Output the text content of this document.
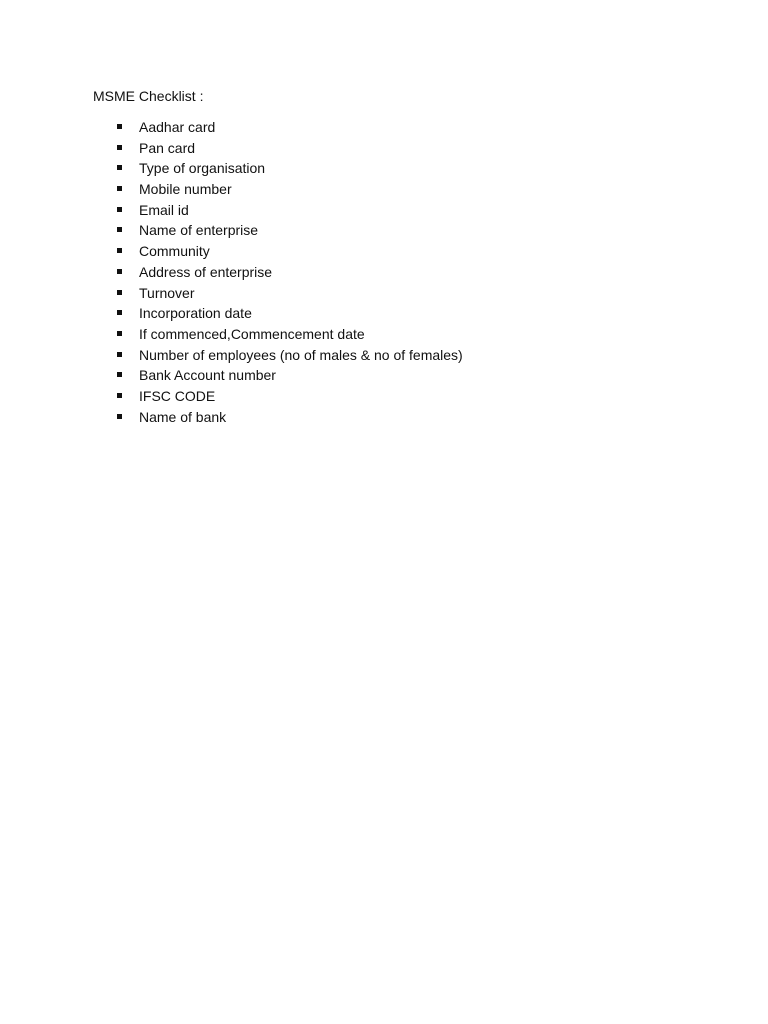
MSME Checklist :
Aadhar card
Pan card
Type of organisation
Mobile number
Email id
Name of enterprise
Community
Address of enterprise
Turnover
Incorporation date
If commenced,Commencement date
Number of employees (no of males & no of females)
Bank Account number
IFSC CODE
Name of bank
